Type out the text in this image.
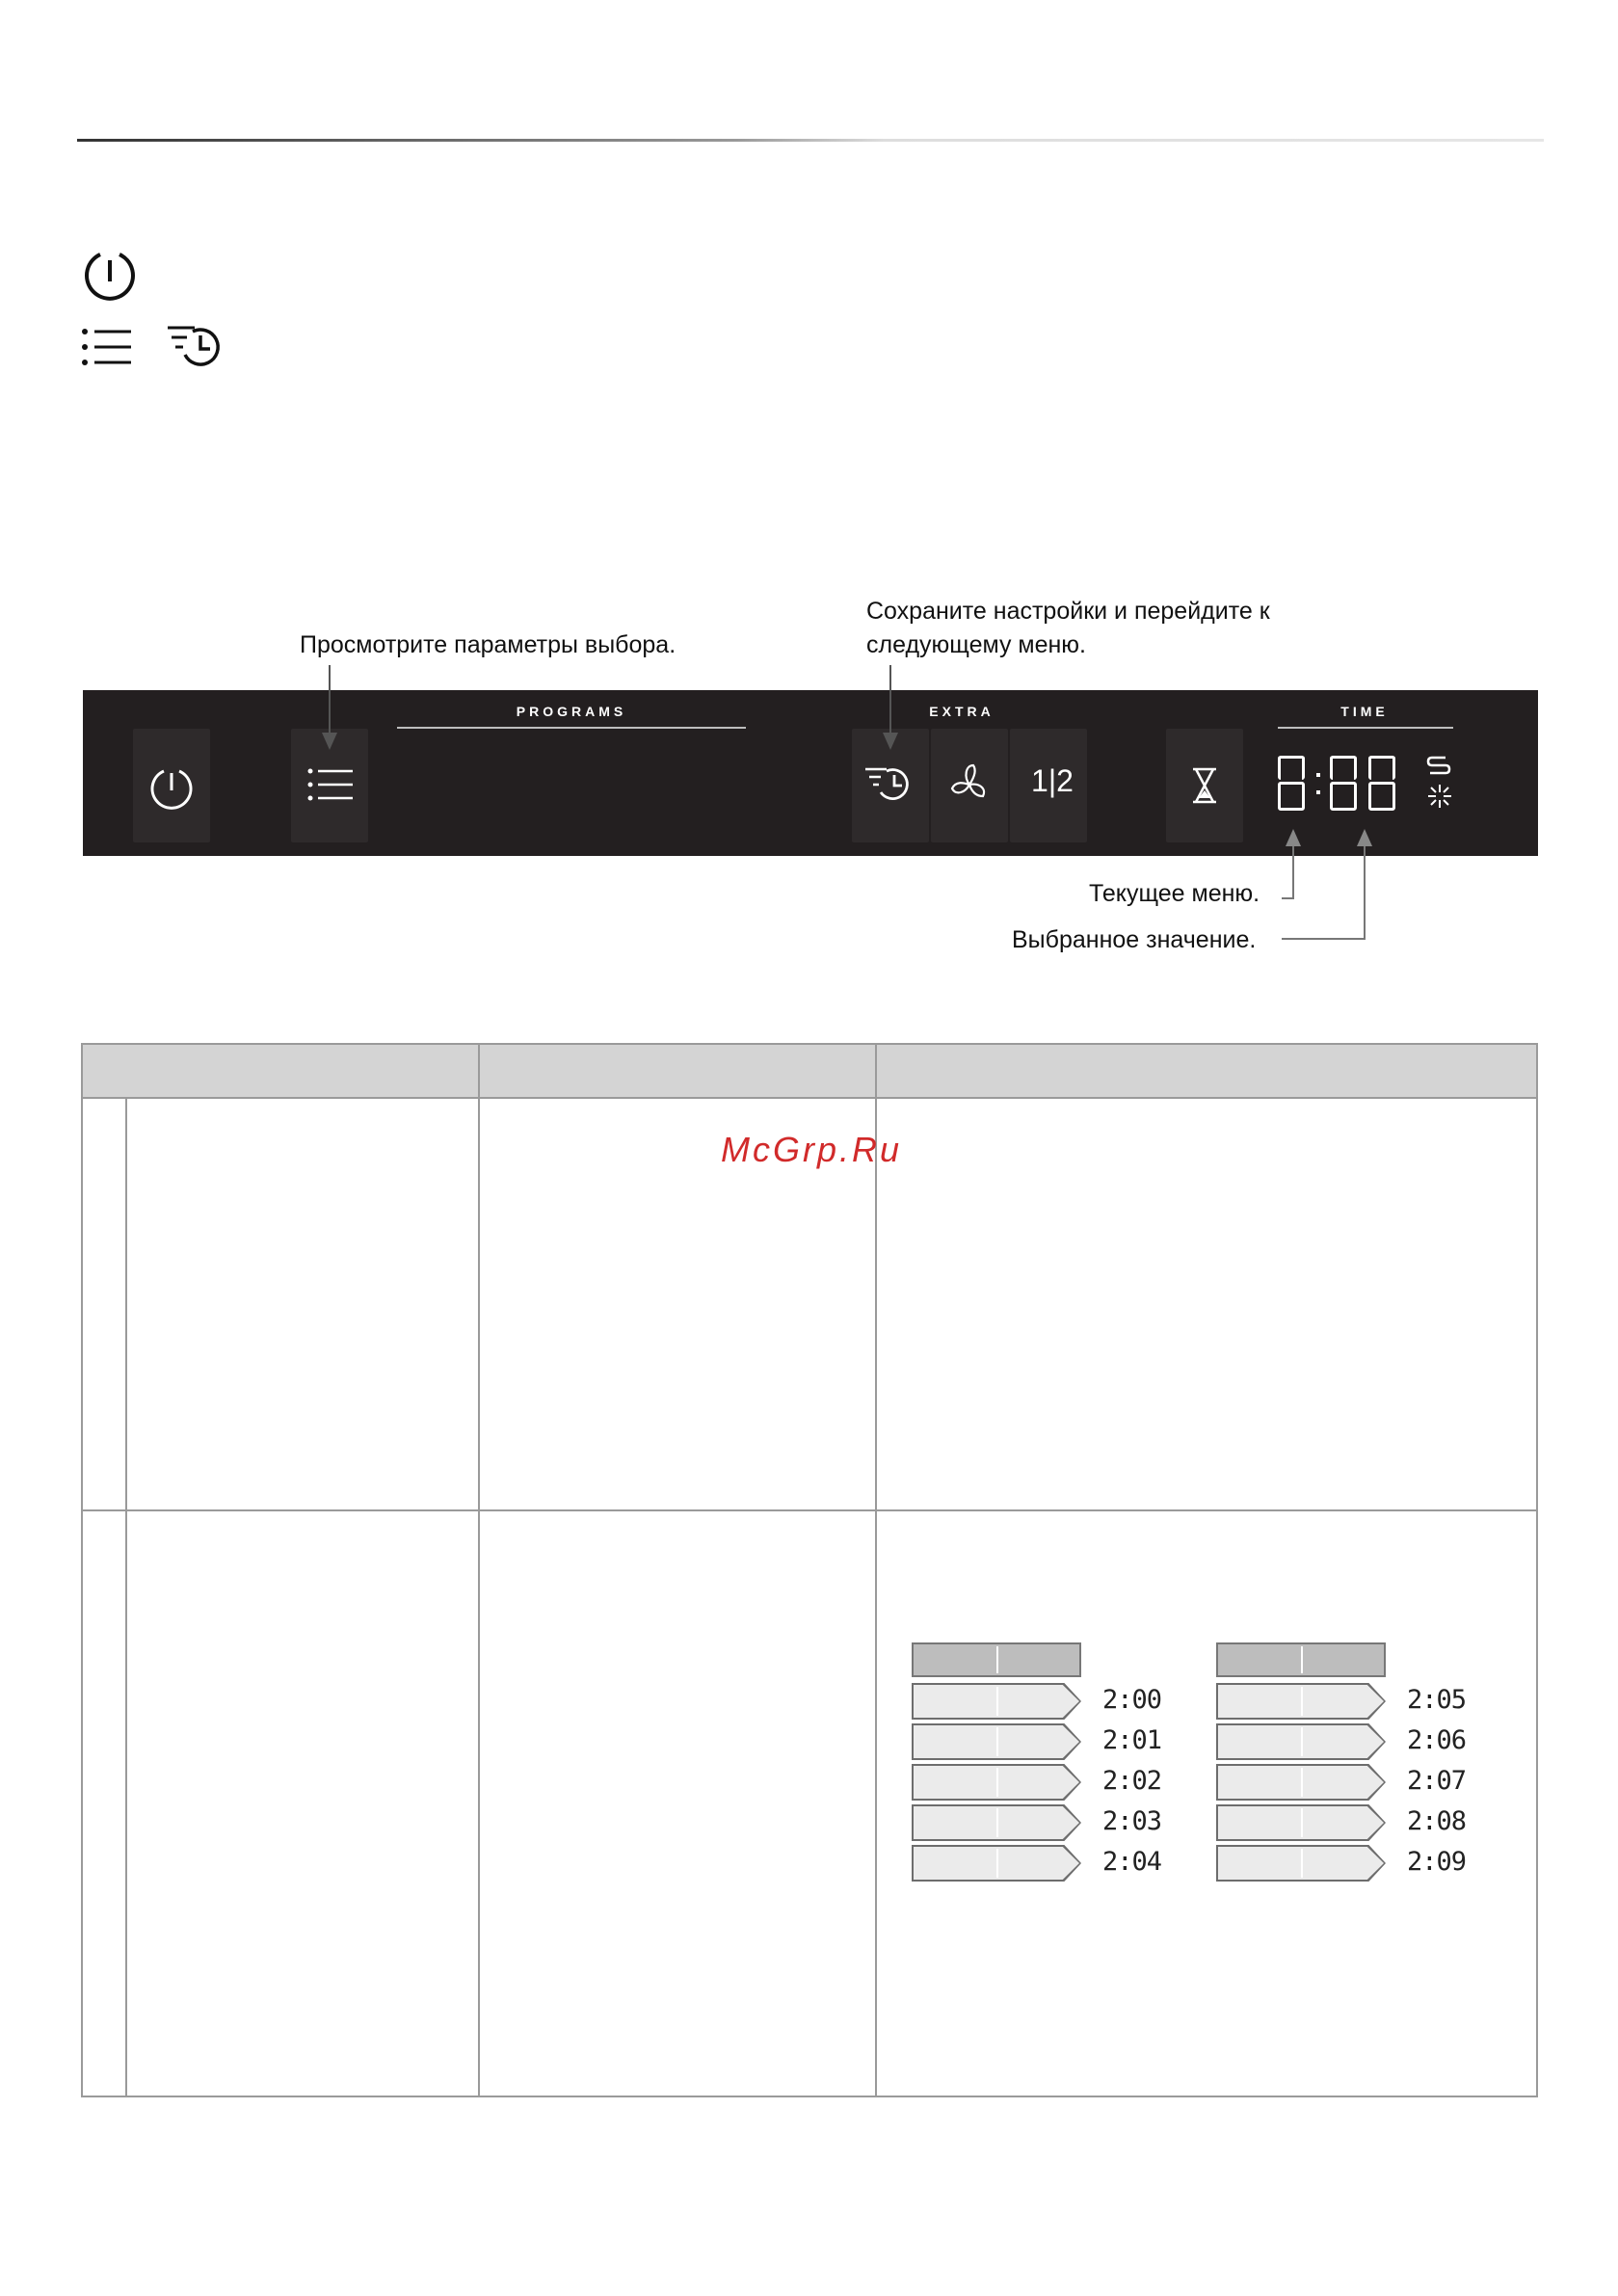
Просмотрите параметры выбора.
Сохраните настройки и перейдите к
следующему меню.
Текущее меню.
Выбранное значение.
PROGRAMS	EXTRA
1|2
TIME

McGrp.Ru
2:00
2:01
2:02
2:03
2:04
2:05
2:06
2:07
2:08
2:09
